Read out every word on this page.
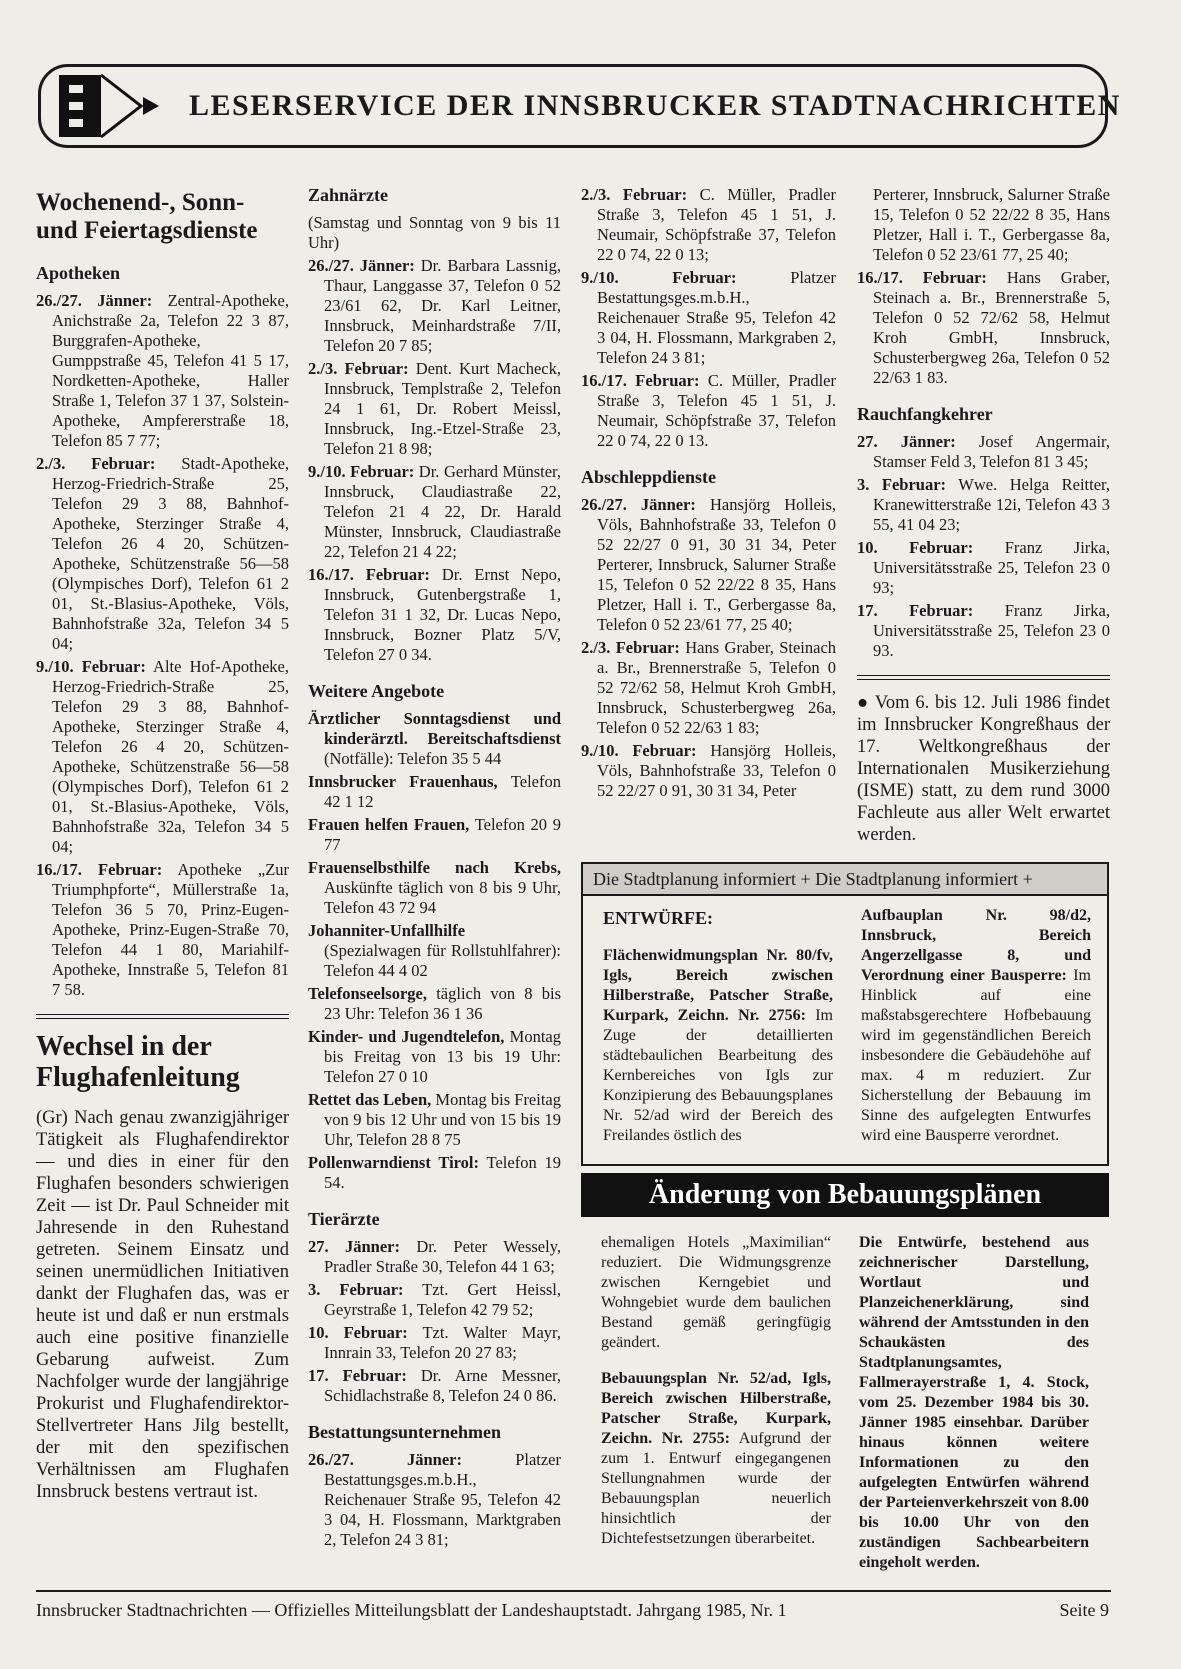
LESERSERVICE DER INNSBRUCKER STADTNACHRICHTEN
Wochenend-, Sonn- und Feiertagsdienste
Apotheken

26./27. Jänner: Zentral-Apotheke, Anichstraße 2a, Telefon 22 3 87, Burggrafen-Apotheke, Gumppstraße 45, Telefon 41 5 17, Nordketten-Apotheke, Haller Straße 1, Telefon 37 1 37, Solstein-Apotheke, Ampfererstraße 18, Telefon 85 7 77;

2./3. Februar: Stadt-Apotheke, Herzog-Friedrich-Straße 25, Telefon 29 3 88, Bahnhof-Apotheke, Sterzinger Straße 4, Telefon 26 4 20, Schützen-Apotheke, Schützenstraße 56—58 (Olympisches Dorf), Telefon 61 2 01, St.-Blasius-Apotheke, Völs, Bahnhofstraße 32a, Telefon 34 5 04;

9./10. Februar: Alte Hof-Apotheke, Herzog-Friedrich-Straße 25, Telefon 29 3 88, Bahnhof-Apotheke, Sterzinger Straße 4, Telefon 26 4 20, Schützen-Apotheke, Schützenstraße 56—58 (Olympisches Dorf), Telefon 61 2 01, St.-Blasius-Apotheke, Völs, Bahnhofstraße 32a, Telefon 34 5 04;

16./17. Februar: Apotheke „Zur Triumphpforte“, Müllerstraße 1a, Telefon 36 5 70, Prinz-Eugen-Apotheke, Prinz-Eugen-Straße 70, Telefon 44 1 80, Mariahilf-Apotheke, Innstraße 5, Telefon 81 7 58.

Wechsel in der Flughafenleitung

(Gr) Nach genau zwanzigjähriger Tätigkeit als Flughafendirektor — und dies in einer für den Flughafen besonders schwierigen Zeit — ist Dr. Paul Schneider mit Jahresende in den Ruhestand getreten. Seinem Einsatz und seinen unermüdlichen Initiativen dankt der Flughafen das, was er heute ist und daß er nun erstmals auch eine positive finanzielle Gebarung aufweist. Zum Nachfolger wurde der langjährige Prokurist und Flughafendirektor-Stellvertreter Hans Jilg bestellt, der mit den spezifischen Verhältnissen am Flughafen Innsbruck bestens vertraut ist.

Zahnärzte

(Samstag und Sonntag von 9 bis 11 Uhr)

26./27. Jänner: Dr. Barbara Lassnig, Thaur, Langgasse 37, Telefon 0 52 23/61 62, Dr. Karl Leitner, Innsbruck, Meinhardstraße 7/II, Telefon 20 7 85;

2./3. Februar: Dent. Kurt Macheck, Innsbruck, Templstraße 2, Telefon 24 1 61, Dr. Robert Meissl, Innsbruck, Ing.-Etzel-Straße 23, Telefon 21 8 98;

9./10. Februar: Dr. Gerhard Münster, Innsbruck, Claudiastraße 22, Telefon 21 4 22, Dr. Harald Münster, Innsbruck, Claudiastraße 22, Telefon 21 4 22;

16./17. Februar: Dr. Ernst Nepo, Innsbruck, Gutenbergstraße 1, Telefon 31 1 32, Dr. Lucas Nepo, Innsbruck, Bozner Platz 5/V, Telefon 27 0 34.

Weitere Angebote

Ärztlicher Sonntagsdienst und kinderärztl. Bereitschaftsdienst (Notfälle): Telefon 35 5 44

Innsbrucker Frauenhaus, Telefon 42 1 12

Frauen helfen Frauen, Telefon 20 9 77

Frauenselbsthilfe nach Krebs, Auskünfte täglich von 8 bis 9 Uhr, Telefon 43 72 94

Johanniter-Unfallhilfe (Spezialwagen für Rollstuhlfahrer): Telefon 44 4 02

Telefonseelsorge, täglich von 8 bis 23 Uhr: Telefon 36 1 36

Kinder- und Jugendtelefon, Montag bis Freitag von 13 bis 19 Uhr: Telefon 27 0 10

Rettet das Leben, Montag bis Freitag von 9 bis 12 Uhr und von 15 bis 19 Uhr, Telefon 28 8 75

Pollenwarndienst Tirol: Telefon 19 54.

Tierärzte

27. Jänner: Dr. Peter Wessely, Pradler Straße 30, Telefon 44 1 63;

3. Februar: Tzt. Gert Heissl, Geyrstraße 1, Telefon 42 79 52;

10. Februar: Tzt. Walter Mayr, Innrain 33, Telefon 20 27 83;

17. Februar: Dr. Arne Messner, Schidlachstraße 8, Telefon 24 0 86.

Bestattungsunternehmen

26./27. Jänner:	Platzer Bestattungsges.m.b.H., Reichenauer Straße 95, Telefon 42 3 04, H. Flossmann, Marktgraben 2, Telefon 24 3 81;

2./3. Februar: C. Müller, Pradler Straße 3, Telefon 45 1 51, J. Neumair, Schöpfstraße 37, Telefon 22 0 74, 22 0 13;

9./10. Februar:	Platzer Bestattungsges.m.b.H., Reichenauer Straße 95, Telefon 42 3 04, H. Flossmann, Markgraben 2, Telefon 24 3 81;

16./17. Februar: C. Müller, Pradler Straße 3, Telefon 45 1 51, J. Neumair, Schöpfstraße 37, Telefon 22 0 74, 22 0 13.

Abschleppdienste

26./27. Jänner: Hansjörg Holleis, Völs, Bahnhofstraße 33, Telefon 0 52 22/27 0 91, 30 31 34, Peter Perterer, Innsbruck, Salurner Straße 15, Telefon 0 52 22/22 8 35, Hans Pletzer, Hall i. T., Gerbergasse 8a, Telefon 0 52 23/61 77, 25 40;

2./3. Februar: Hans Graber, Steinach a. Br., Brennerstraße 5, Telefon 0 52 72/62 58, Helmut Kroh GmbH, Innsbruck, Schusterbergweg 26a, Telefon 0 52 22/63 1 83;

9./10. Februar: Hansjörg Holleis, Völs, Bahnhofstraße 33, Telefon 0 52 22/27 0 91, 30 31 34, Peter

Perterer, Innsbruck, Salurner Straße 15, Telefon 0 52 22/22 8 35, Hans Pletzer, Hall i. T., Gerbergasse 8a, Telefon 0 52 23/61 77, 25 40;

16./17. Februar: Hans Graber, Steinach a. Br., Brennerstraße 5, Telefon 0 52 72/62 58, Helmut Kroh GmbH, Innsbruck, Schusterbergweg 26a, Telefon 0 52 22/63 1 83.

Rauchfangkehrer

27. Jänner: Josef Angermair, Stamser Feld 3, Telefon 81 3 45;

3. Februar: Wwe. Helga Reitter, Kranewitterstraße 12i, Telefon 43 3 55, 41 04 23;

10. Februar: Franz Jirka, Universitätsstraße 25, Telefon 23 0 93;

17. Februar: Franz Jirka, Universitätsstraße 25, Telefon 23 0 93.

● Vom 6. bis 12. Juli 1986 findet im Innsbrucker Kongreßhaus der 17. Weltkongreßhaus der Internationalen Musikerziehung (ISME) statt, zu dem rund 3000 Fachleute aus aller Welt erwartet werden.

Die Stadtplanung informiert + Die Stadtplanung informiert +
ENTWÜRFE:

Flächenwidmungsplan Nr. 80/fv, Igls, Bereich zwischen Hilberstraße, Patscher Straße, Kurpark, Zeichn. Nr. 2756: Im Zuge der detaillierten städtebaulichen Bearbeitung des Kernbereiches von Igls zur Konzipierung des Bebauungsplanes Nr. 52/ad wird der Bereich des Freilandes östlich des

Aufbauplan Nr. 98/d2, Innsbruck, Bereich Angerzellgasse 8, und Verordnung einer Bausperre: Im Hinblick auf eine maßstabsgerechtere Hofbebauung wird im gegenständlichen Bereich insbesondere die Gebäudehöhe auf max. 4 m reduziert. Zur Sicherstellung der Bebauung im Sinne des aufgelegten Entwurfes wird eine Bausperre verordnet.

Änderung von Bebauungsplänen

ehemaligen Hotels „Maximilian“ reduziert. Die Widmungsgrenze zwischen Kerngebiet und Wohngebiet wurde dem baulichen Bestand gemäß geringfügig geändert.

Bebauungsplan Nr. 52/ad, Igls, Bereich zwischen Hilberstraße, Patscher Straße, Kurpark, Zeichn. Nr. 2755: Aufgrund der zum 1. Entwurf eingegangenen Stellungnahmen wurde der Bebauungsplan neuerlich hinsichtlich der Dichtefestsetzungen überarbeitet.

Die Entwürfe, bestehend aus zeichnerischer Darstellung, Wortlaut und Planzeichenerklärung, sind während der Amtsstunden in den Schaukästen des Stadtplanungsamtes, Fallmerayerstraße 1, 4. Stock, vom 25. Dezember 1984 bis 30. Jänner 1985 einsehbar. Darüber hinaus können weitere Informationen zu den aufgelegten Entwürfen während der Parteienverkehrszeit von 8.00 bis 10.00 Uhr von den zuständigen Sachbearbeitern eingeholt werden.

Innsbrucker Stadtnachrichten — Offizielles Mitteilungsblatt der Landeshauptstadt. Jahrgang 1985, Nr. 1	Seite 9
